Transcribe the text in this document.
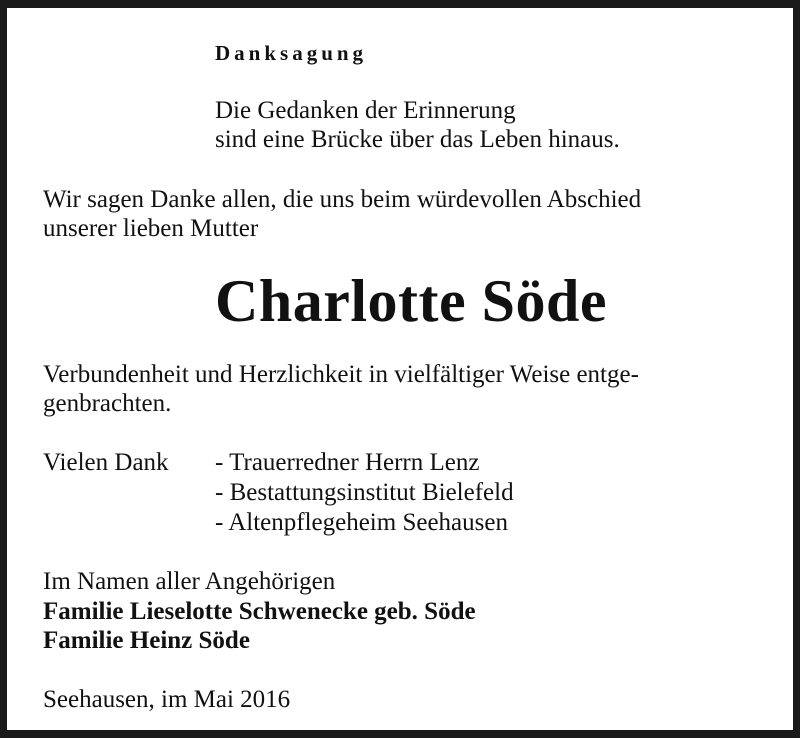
Danksagung
Die Gedanken der Erinnerung
sind eine Brücke über das Leben hinaus.
Wir sagen Danke allen, die uns beim würdevollen Abschied
unserer lieben Mutter
Charlotte Söde
Verbundenheit und Herzlichkeit in vielfältiger Weise entge-
genbrachten.
Vielen Dank - Trauerredner Herrn Lenz
- Bestattungsinstitut Bielefeld
- Altenpflegeheim Seehausen
Im Namen aller Angehörigen
Familie Lieselotte Schwenecke geb. Söde
Familie Heinz Söde
Seehausen, im Mai 2016
